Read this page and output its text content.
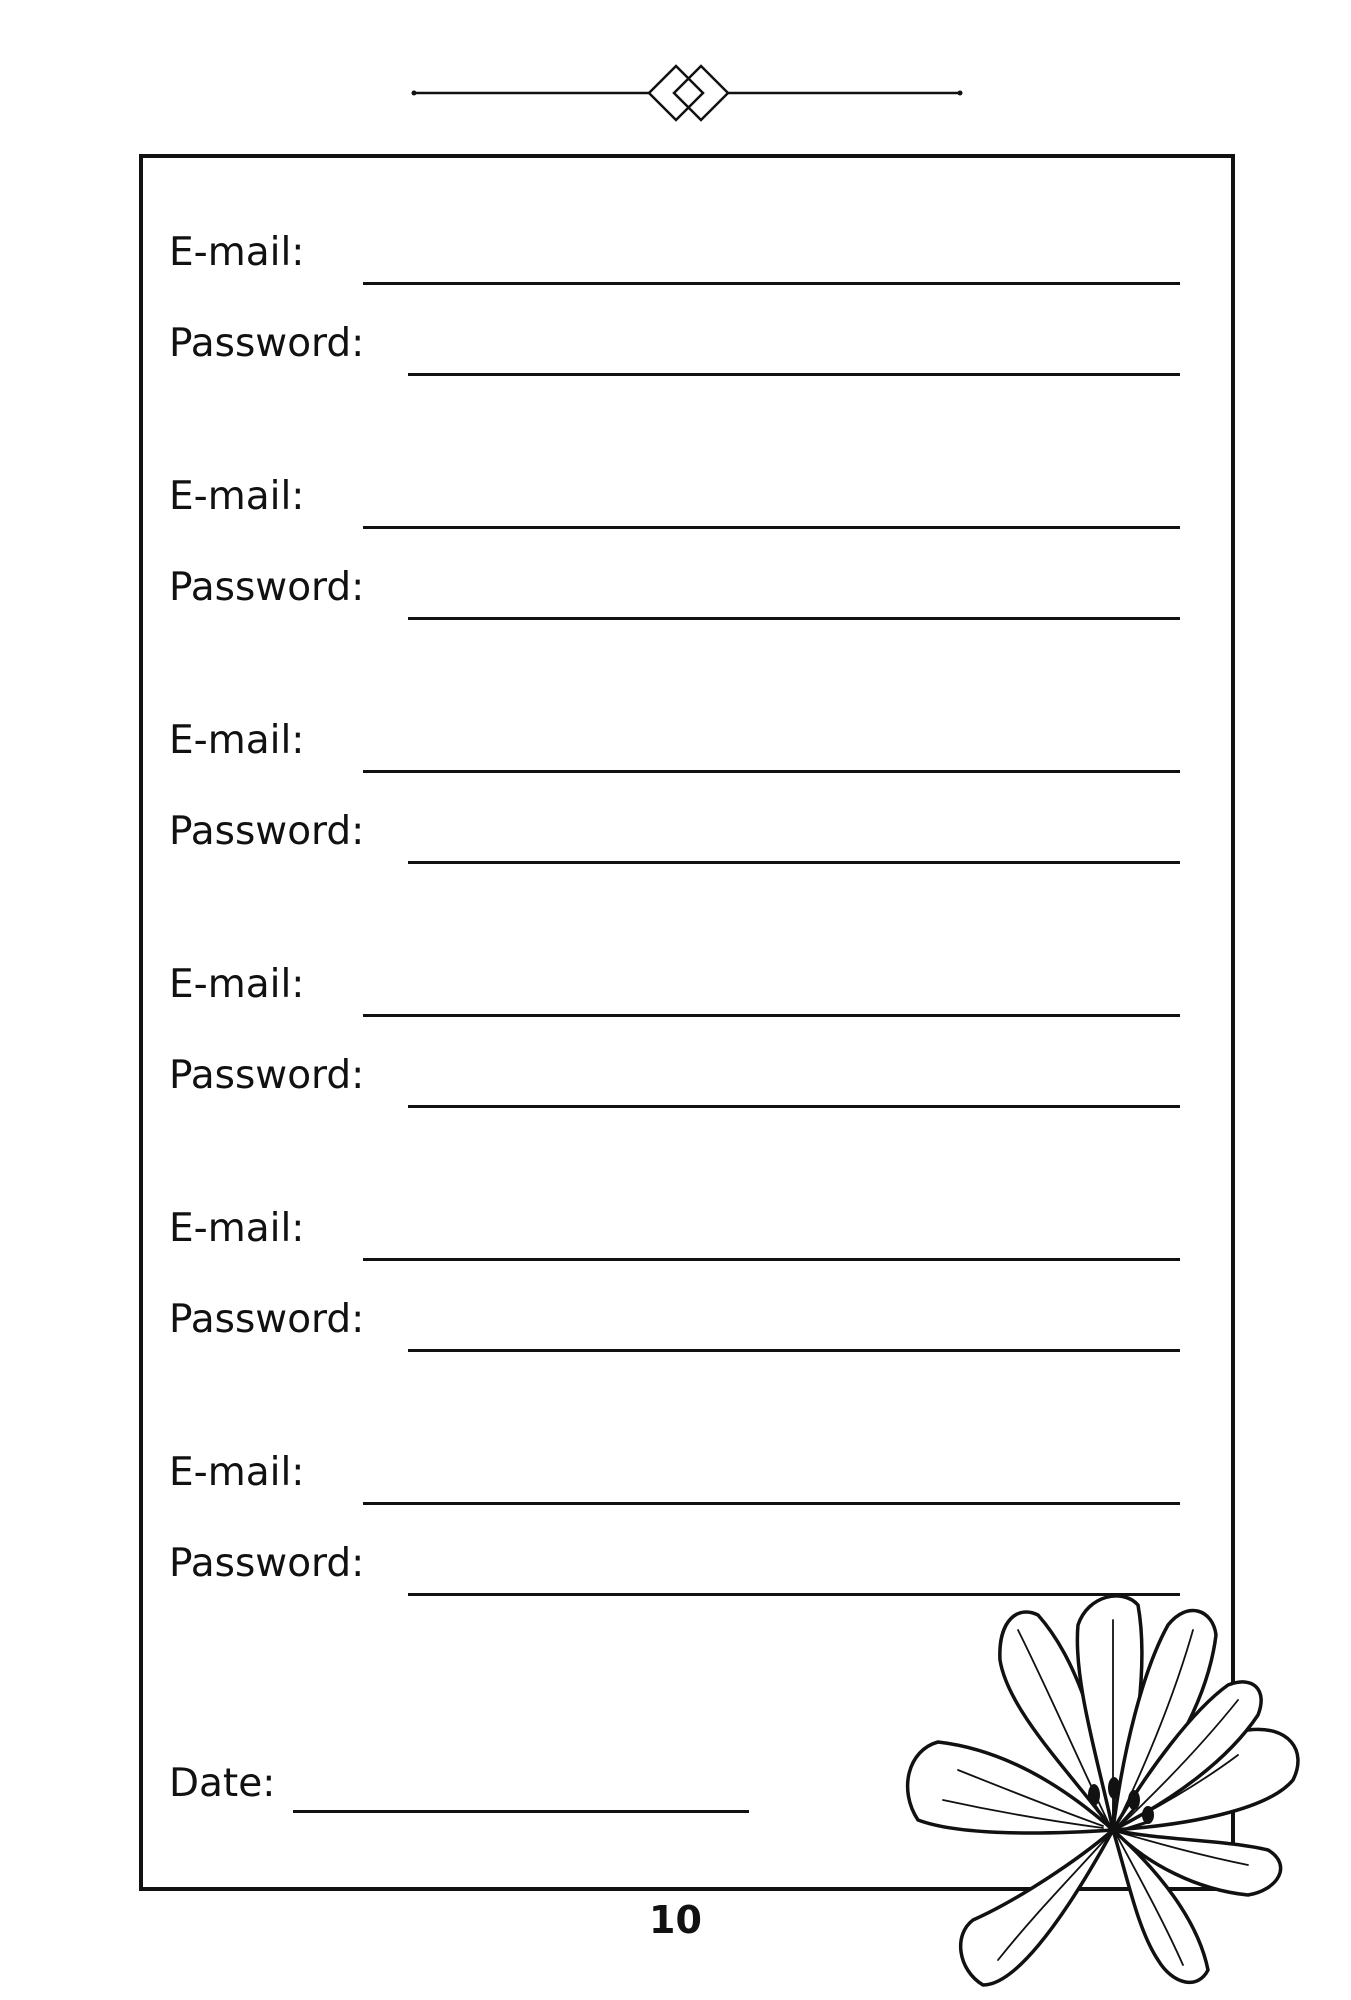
E-mail:
Password:
E-mail:
Password:
E-mail:
Password:
E-mail:
Password:
E-mail:
Password:
E-mail:
Password:
Date:
10
